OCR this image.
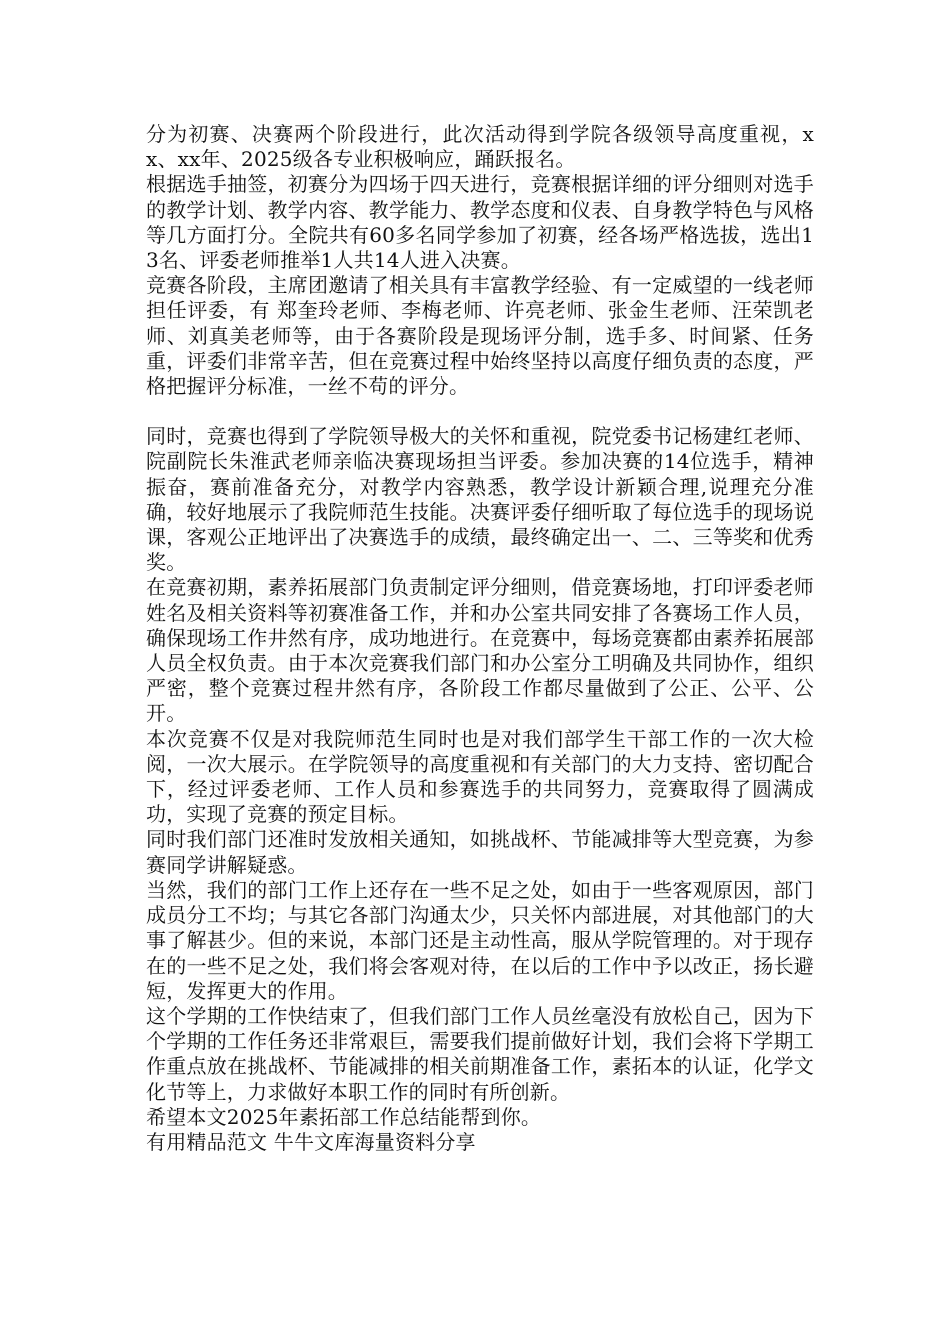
分为初赛、决赛两个阶段进行，此次活动得到学院各级领导高度重视，xx、xx年、2025级各专业积极响应，踊跃报名。

根据选手抽签，初赛分为四场于四天进行，竞赛根据详细的评分细则对选手的教学计划、教学内容、教学能力、教学态度和仪表、自身教学特色与风格等几方面打分。全院共有60多名同学参加了初赛，经各场严格选拔，选出13名、评委老师推举1人共14人进入决赛。

竞赛各阶段，主席团邀请了相关具有丰富教学经验、有一定威望的一线老师担任评委，有 郑奎玲老师、李梅老师、许亮老师、张金生老师、汪荣凯老师、刘真美老师等，由于各赛阶段是现场评分制，选手多、时间紧、任务重，评委们非常辛苦，但在竞赛过程中始终坚持以高度仔细负责的态度，严格把握评分标准，一丝不苟的评分。

同时，竞赛也得到了学院领导极大的关怀和重视，院党委书记杨建红老师、院副院长朱淮武老师亲临决赛现场担当评委。参加决赛的14位选手，精神振奋，赛前准备充分，对教学内容熟悉，教学设计新颖合理,说理充分准确，较好地展示了我院师范生技能。决赛评委仔细听取了每位选手的现场说课，客观公正地评出了决赛选手的成绩，最终确定出一、二、三等奖和优秀奖。

在竞赛初期，素养拓展部门负责制定评分细则，借竞赛场地，打印评委老师姓名及相关资料等初赛准备工作，并和办公室共同安排了各赛场工作人员，确保现场工作井然有序，成功地进行。在竞赛中，每场竞赛都由素养拓展部人员全权负责。由于本次竞赛我们部门和办公室分工明确及共同协作，组织严密，整个竞赛过程井然有序，各阶段工作都尽量做到了公正、公平、公开。

本次竞赛不仅是对我院师范生同时也是对我们部学生干部工作的一次大检阅，一次大展示。在学院领导的高度重视和有关部门的大力支持、密切配合下，经过评委老师、工作人员和参赛选手的共同努力，竞赛取得了圆满成功，实现了竞赛的预定目标。

同时我们部门还准时发放相关通知，如挑战杯、节能减排等大型竞赛，为参赛同学讲解疑惑。

当然，我们的部门工作上还存在一些不足之处，如由于一些客观原因，部门成员分工不均；与其它各部门沟通太少，只关怀内部进展，对其他部门的大事了解甚少。但的来说，本部门还是主动性高，服从学院管理的。对于现存在的一些不足之处，我们将会客观对待，在以后的工作中予以改正，扬长避短，发挥更大的作用。

这个学期的工作快结束了，但我们部门工作人员丝毫没有放松自己，因为下个学期的工作任务还非常艰巨，需要我们提前做好计划，我们会将下学期工作重点放在挑战杯、节能减排的相关前期准备工作，素拓本的认证，化学文化节等上，力求做好本职工作的同时有所创新。

希望本文2025年素拓部工作总结能帮到你。

有用精品范文 牛牛文库海量资料分享
